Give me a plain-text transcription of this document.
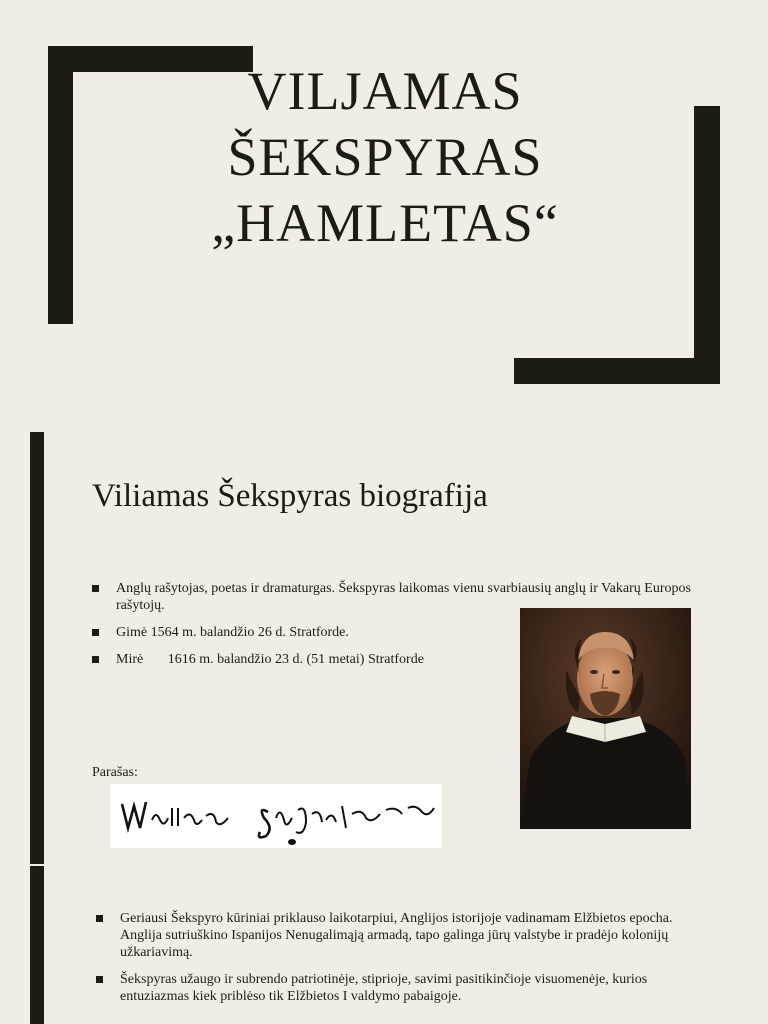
VILJAMAS
ŠEKSPYRAS
„HAMLETAS“
Viliamas Šekspyras biografija
Anglų rašytojas, poetas ir dramaturgas. Šekspyras laikomas vienu svarbiausių anglų ir Vakarų Europos rašytojų.
Gimė 1564 m. balandžio 26 d. Stratforde.
Mirė       1616 m. balandžio 23 d. (51 metai) Stratforde
Parašas:
Geriausi Šekspyro kūriniai priklauso laikotarpiui, Anglijos istorijoje vadinamam Elžbietos epocha. Anglija sutriuškino Ispanijos Nenugalimąją armadą, tapo galinga jūrų valstybe ir pradėjo kolonijų užkariavimą.
Šekspyras užaugo ir subrendo patriotinėje, stiprioje, savimi pasitikinčioje visuomenėje, kurios entuziazmas kiek priblėso tik Elžbietos I valdymo pabaigoje.
